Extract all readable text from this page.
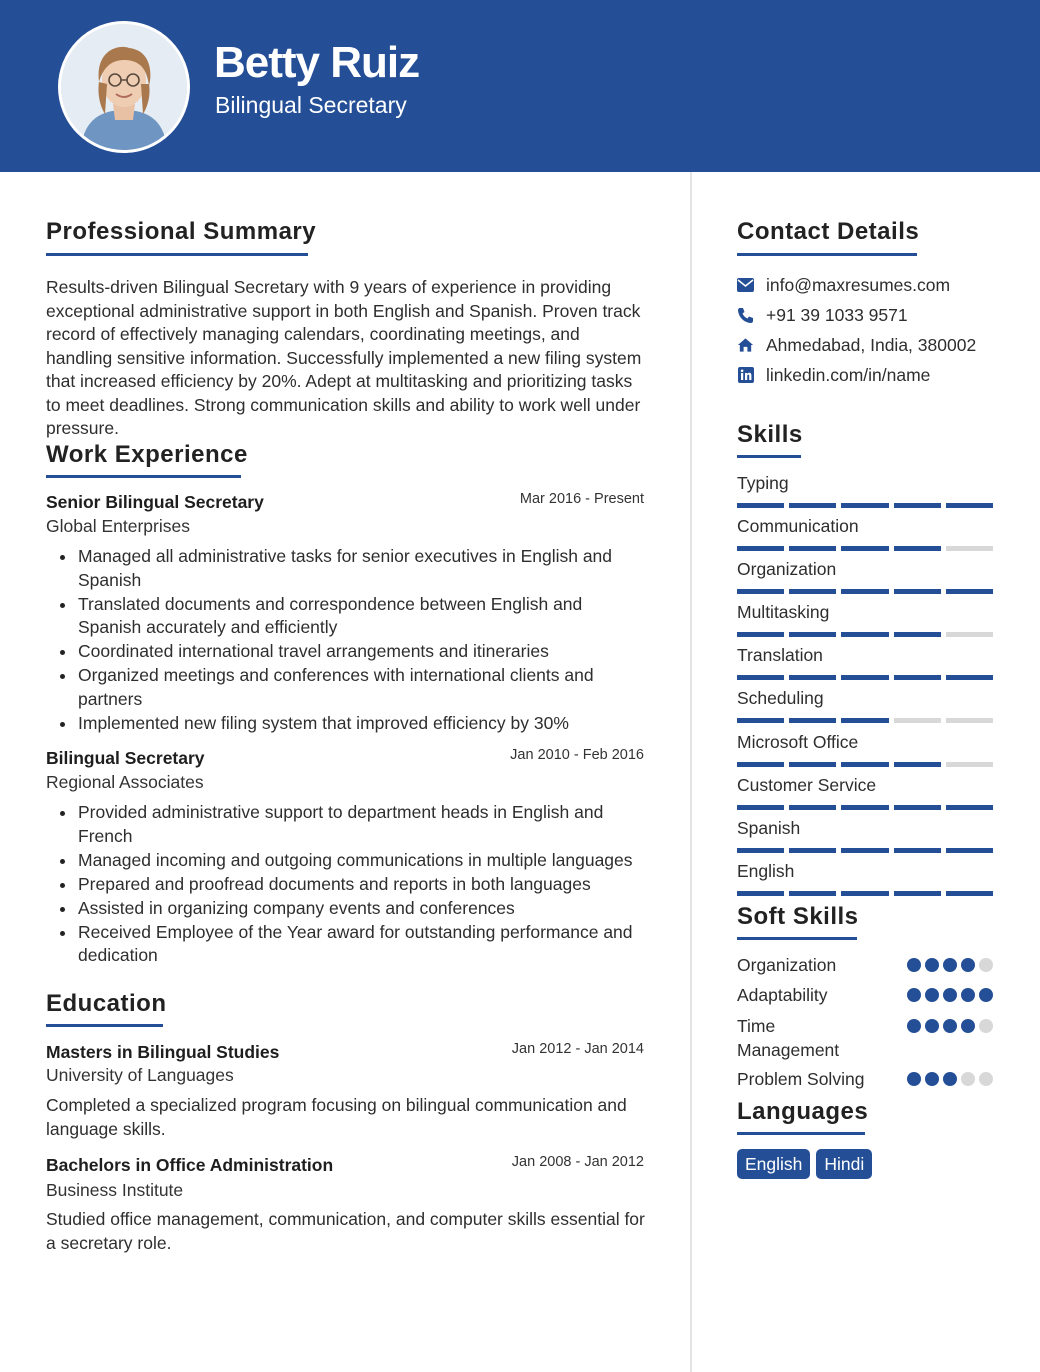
Betty Ruiz
Bilingual Secretary
Professional Summary
Results-driven Bilingual Secretary with 9 years of experience in providing exceptional administrative support in both English and Spanish. Proven track record of effectively managing calendars, coordinating meetings, and handling sensitive information. Successfully implemented a new filing system that increased efficiency by 20%. Adept at multitasking and prioritizing tasks to meet deadlines. Strong communication skills and ability to work well under pressure.
Work Experience
Senior Bilingual Secretary	Mar 2016 - Present
Global Enterprises
Managed all administrative tasks for senior executives in English and Spanish
Translated documents and correspondence between English and Spanish accurately and efficiently
Coordinated international travel arrangements and itineraries
Organized meetings and conferences with international clients and partners
Implemented new filing system that improved efficiency by 30%
Bilingual Secretary	Jan 2010 - Feb 2016
Regional Associates
Provided administrative support to department heads in English and French
Managed incoming and outgoing communications in multiple languages
Prepared and proofread documents and reports in both languages
Assisted in organizing company events and conferences
Received Employee of the Year award for outstanding performance and dedication
Education
Masters in Bilingual Studies	Jan 2012 - Jan 2014
University of Languages
Completed a specialized program focusing on bilingual communication and language skills.
Bachelors in Office Administration	Jan 2008 - Jan 2012
Business Institute
Studied office management, communication, and computer skills essential for a secretary role.
Contact Details
info@maxresumes.com
+91 39 1033 9571
Ahmedabad, India, 380002
linkedin.com/in/name
Skills
Typing
Communication
Organization
Multitasking
Translation
Scheduling
Microsoft Office
Customer Service
Spanish
English
Soft Skills
Organization
Adaptability
Time Management
Problem Solving
Languages
English	Hindi
